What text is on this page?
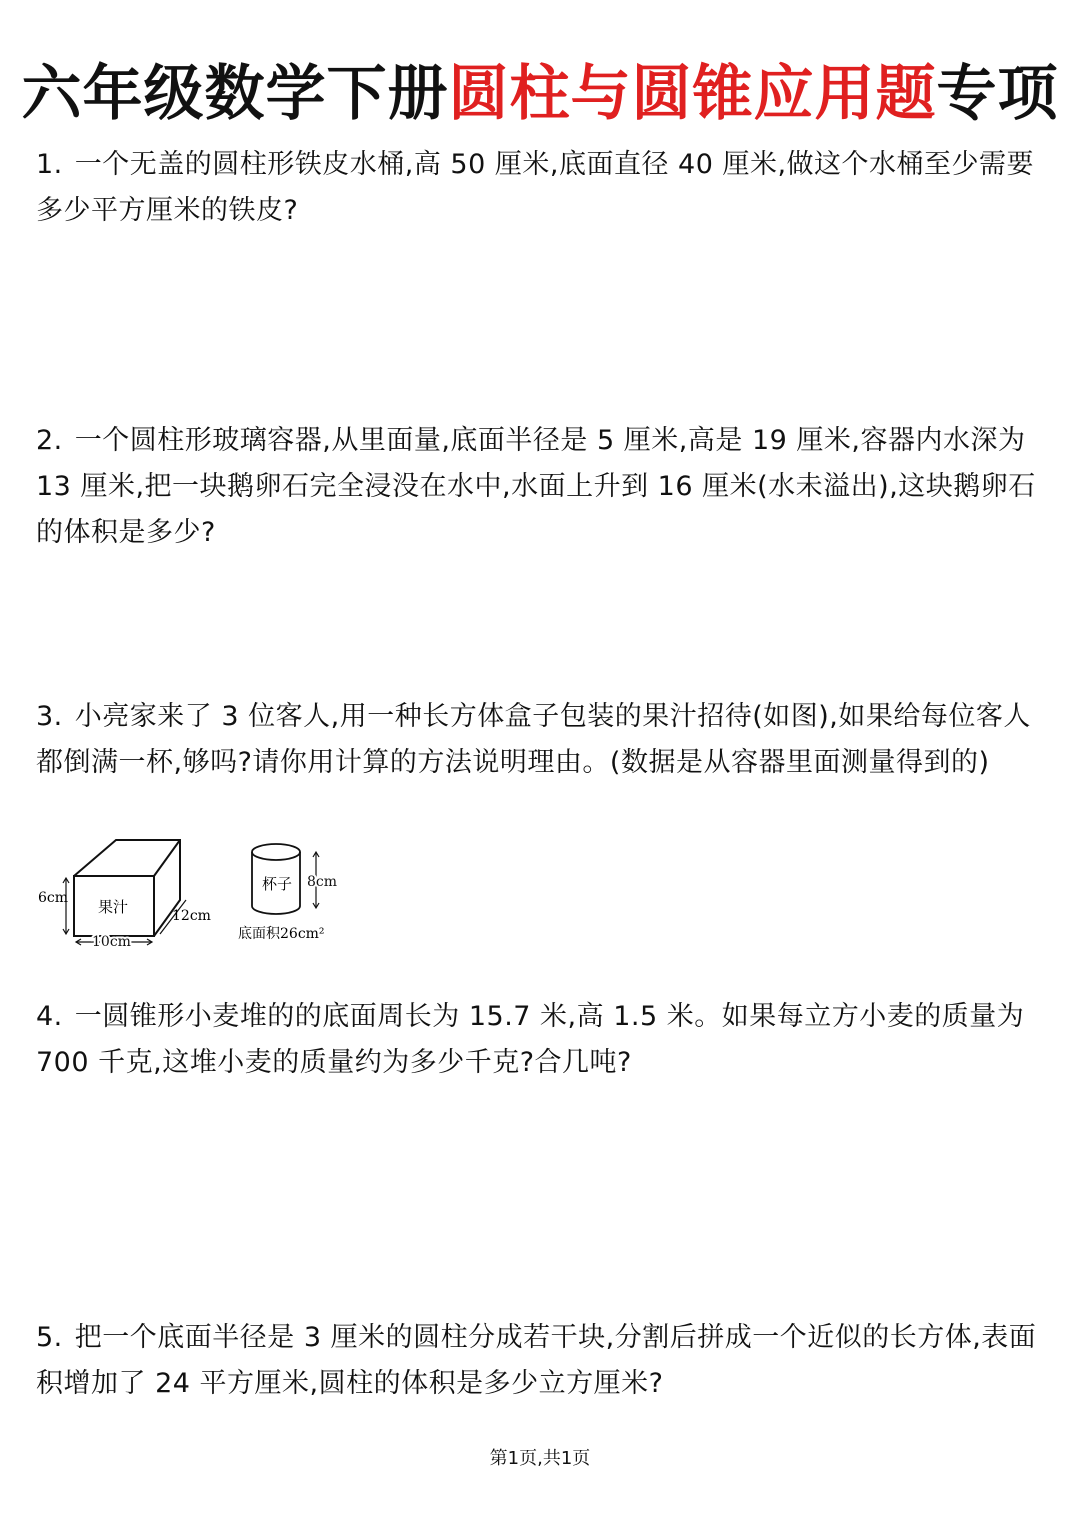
六年级数学下册圆柱与圆锥应用题专项
1. 一个无盖的圆柱形铁皮水桶,高 50 厘米,底面直径 40 厘米,做这个水桶至少需要多少平方厘米的铁皮?
2. 一个圆柱形玻璃容器,从里面量,底面半径是 5 厘米,高是 19 厘米,容器内水深为 13 厘米,把一块鹅卵石完全浸没在水中,水面上升到 16 厘米(水未溢出),这块鹅卵石的体积是多少?
3. 小亮家来了 3 位客人,用一种长方体盒子包装的果汁招待(如图),如果给每位客人都倒满一杯,够吗?请你用计算的方法说明理由。(数据是从容器里面测量得到的)
果汁
6cm
10cm
12cm
杯子 8cm
底面积26cm²
4. 一圆锥形小麦堆的的底面周长为 15.7 米,高 1.5 米。如果每立方小麦的质量为 700 千克,这堆小麦的质量约为多少千克?合几吨?
5. 把一个底面半径是 3 厘米的圆柱分成若干块,分割后拼成一个近似的长方体,表面积增加了 24 平方厘米,圆柱的体积是多少立方厘米?
第1页,共1页
